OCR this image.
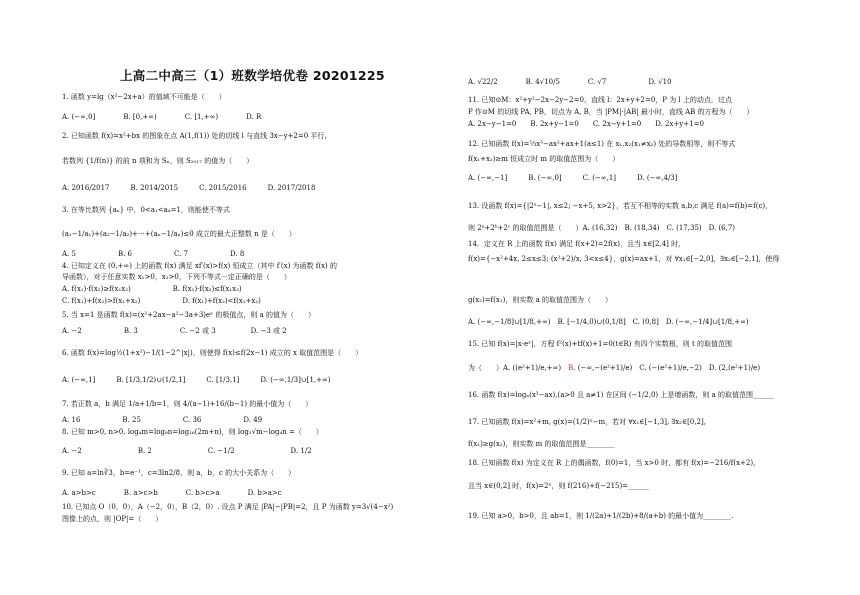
上高二中高三（1）班数学培优卷 20201225
1. 函数 y=lg（x²−2x+a）的值域不可能是（　　）
A. (−∞,0]　　　　B. [0,+∞)　　　　C. [1,+∞)　　　　D. R
2. 已知函数 f(x)=x²+bx 的图象在点 A(1,f(1)) 处的切线 l 与直线 3x−y+2=0 平行,
若数列 {1/f(n)} 的前 n 项和为 Sₙ，则 S₂₀₁₇ 的值为（　　）
A. 2016/2017　　　B. 2014/2015　　　C. 2015/2016　　　D. 2017/2018
3. 在等比数列 {aₙ} 中，0<a₁<a₄=1，则能使不等式
(a₁−1/a₁)+(a₂−1/a₂)+⋯+(aₙ−1/aₙ)≤0 成立的最大正整数 n 是（　　）
A. 5　　　　　　B. 6　　　　　　C. 7　　　　　　D. 8
4. 已知定义在 (0,+∞) 上的函数 f(x) 满足 xf′(x)>f(x) 恒成立（其中 f′(x) 为函数 f(x) 的
导函数），对于任意实数 x₁>0，x₂>0，下列不等式一定正确的是（　　）
A. f(x₁)·f(x₂)≥f(x₁x₂)　　　　　　B. f(x₁)·f(x₂)≤f(x₁x₂)
C. f(x₁)+f(x₂)>f(x₁+x₂)　　　　　　D. f(x₁)+f(x₂)<f(x₁+x₂)
5. 当 x=1 是函数 f(x)=(x²+2ax−a²−3a+3)eˣ 的极值点，则 a 的值为（　　）
A. −2　　　　　　B. 3　　　　　　C. −2 或 3　　　　　D. −3 或 2
6. 函数 f(x)=log½(1+x²)−1/(1−2^|x|)，则使得 f(x)≤f(2x−1) 成立的 x 取值范围是（　　）
A. (−∞,1]　　　B. [1/3,1/2)∪(1/2,1]　　　C. [1/3,1]　　　D. (−∞,1/3]∪[1,+∞)
7. 若正数 a，b 满足 1/a+1/b=1，则 4/(a−1)+16/(b−1) 的最小值为（　　）
A. 16　　　　　　B. 25　　　　　　C. 36　　　　　　D. 49
8. 已知 m>0, n>0, log₄m=log₈n=log₁₆(2m+n)，则 log₂√m−log₄n =（　　）
A. −2　　　　　　　　B. 2　　　　　　　　C. −1/2　　　　　　　　D. 1/2
9. 已知 a=ln∛3，b=e⁻¹，c=3ln2/8，则 a，b，c 的大小关系为（　　）
A. a>b>c　　　　B. a>c>b　　　　C. b>c>a　　　　D. b>a>c
10. 已知点 O（0，0），A（−2，0），B（2，0）. 设点 P 满足 |PA|−|PB|=2，且 P 为函数 y=3√(4−x²)
图像上的点，则 |OP|=（　　）
A. √22/2　　　　B. 4√10/5　　　　C. √7　　　　　　D. √10
11. 已知⊙M：x²+y²−2x−2y−2=0，直线 l：2x+y+2=0，P 为 l 上的动点，过点
P 作⊙M 的切线 PA, PB，切点为 A, B，当 |PM|·|AB| 最小时，直线 AB 的方程为（　　）
A. 2x−y−1=0　　B. 2x+y−1=0　　C. 2x−y+1=0　　D. 2x+y+1=0
12. 已知函数 f(x)=⅓x³−ax²+ax+1(a≤1) 在 x₁,x₂(x₁≠x₂) 处的导数相等，则不等式
f(x₁+x₂)≥m 恒成立时 m 的取值范围为（　　）
A. (−∞,−1]　　　B. (−∞,0]　　　C. (−∞,1]　　　D. (−∞,4/3]
13. 设函数 f(x)={|2ˣ−1|, x≤2; −x+5, x>2}，若互不相等的实数 a,b,c 满足 f(a)=f(b)=f(c)，
则 2ᵃ+2ᵇ+2ᶜ 的取值范围是（　　）A. (16,32)　B. (18,34)　C. (17,35)　D. (6,7)
14．定义在 R 上的函数 f(x) 满足 f(x+2)=2f(x)，且当 x∈[2,4] 时，
f(x)={−x²+4x, 2≤x≤3; (x²+2)/x, 3<x≤4}，g(x)=ax+1，对 ∀x₁∈[−2,0]，∃x₂∈[−2,1]，使得
g(x₂)=f(x₁)，则实数 a 的取值范围为（　　）
A. (−∞,−1/8]∪[1/8,+∞)　B. [−1/4,0)∪(0,1/8]　C. (0,8]　D. (−∞,−1/4]∪[1/8,+∞)
15. 已知 f(x)=|x·eˣ|，方程 f²(x)+tf(x)+1=0(t∈R) 有四个实数根，则 t 的取值范围
为（　　）A. ((e²+1)/e,+∞)　B. (−∞,−(e²+1)/e)　C. (−(e²+1)/e,−2)　D. (2,(e²+1)/e)
16. 函数 f(x)=logₐ(x³−ax),(a>0 且 a≠1) 在区间 (−1/2,0) 上是增函数，则 a 的取值范围______
17. 已知函数 f(x)=x²+m, g(x)=(1/2)ˣ−m，若对 ∀x₁∈[−1,3], ∃x₂∈[0,2],
f(x₁)≥g(x₂)，则实数 m 的取值范围是________
18. 已知函数 f(x) 为定义在 R 上的偶函数，f(0)=1，当 x>0 时，都有 f(x)=−216/f(x+2)，
且当 x∈(0,2] 时，f(x)=2ˣ，则 f(216)+f(−215)=______
19. 已知 a>0，b>0，且 ab=1，则 1/(2a)+1/(2b)+8/(a+b) 的最小值为________.
